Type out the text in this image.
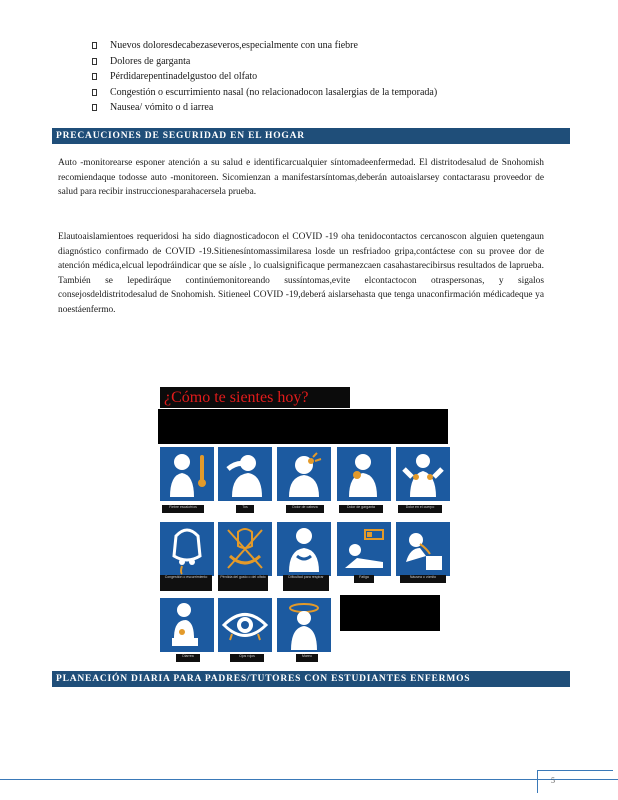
Nuevos doloresdecabezaseveros,especialmente con una fiebre
Dolores de garganta
Pérdidarepentinadelgustoo del olfato
Congestión o escurrimiento nasal (no relacionadocon lasalergias de la temporada)
Nausea/ vómito o d iarrea
PRECAUCIONES DE SEGURIDAD EN EL HOGAR
Auto -monitorearse esponer atención a su salud e identificarcualquier síntomadeenfermedad. El distritodesalud de Snohomish recomiendaque todosse auto -monitoreen. Sicomienzan a manifestarsíntomas,deberán autoaislarsey contactarasu proveedor de salud para recibir instruccionesparahacersela prueba.
Elautoaislamientoes requeridosi ha sido diagnosticadocon el COVID -19 oha tenidocontactos cercanoscon alguien quetengaun diagnóstico confirmado de COVID -19.Sitienesíntomassimilaresa losde un resfriadoo gripa,contáctese con su provee dor de atención médica,elcual lepodráindicar que se aísle , lo cualsignificaque permanezcaen casahastarecibirsus resultados de laprueba. También se lepediráque continúemonitoreando sussíntomas,evite elcontactocon otraspersonas, y sigalos consejosdeldistritodesalud de Snohomish. Sitieneel COVID -19,deberá aislarsehasta que tenga unaconfirmación médicadeque ya noestáenfermo.
¿Cómo te sientes hoy?
Fiebre escalofríos	Tos	Dolor de cabeza	Dolor de garganta	Dolor en el cuerpo
Congestión o escurrimiento	Pérdida del gusto o del olfato	Dificultad para respirar	Fatiga	Náusea o vómito
Diarrea	Ojos rojos	Mareo
PLANEACIÓN DIARIA PARA PADRES/TUTORES CON ESTUDIANTES ENFERMOS
5
